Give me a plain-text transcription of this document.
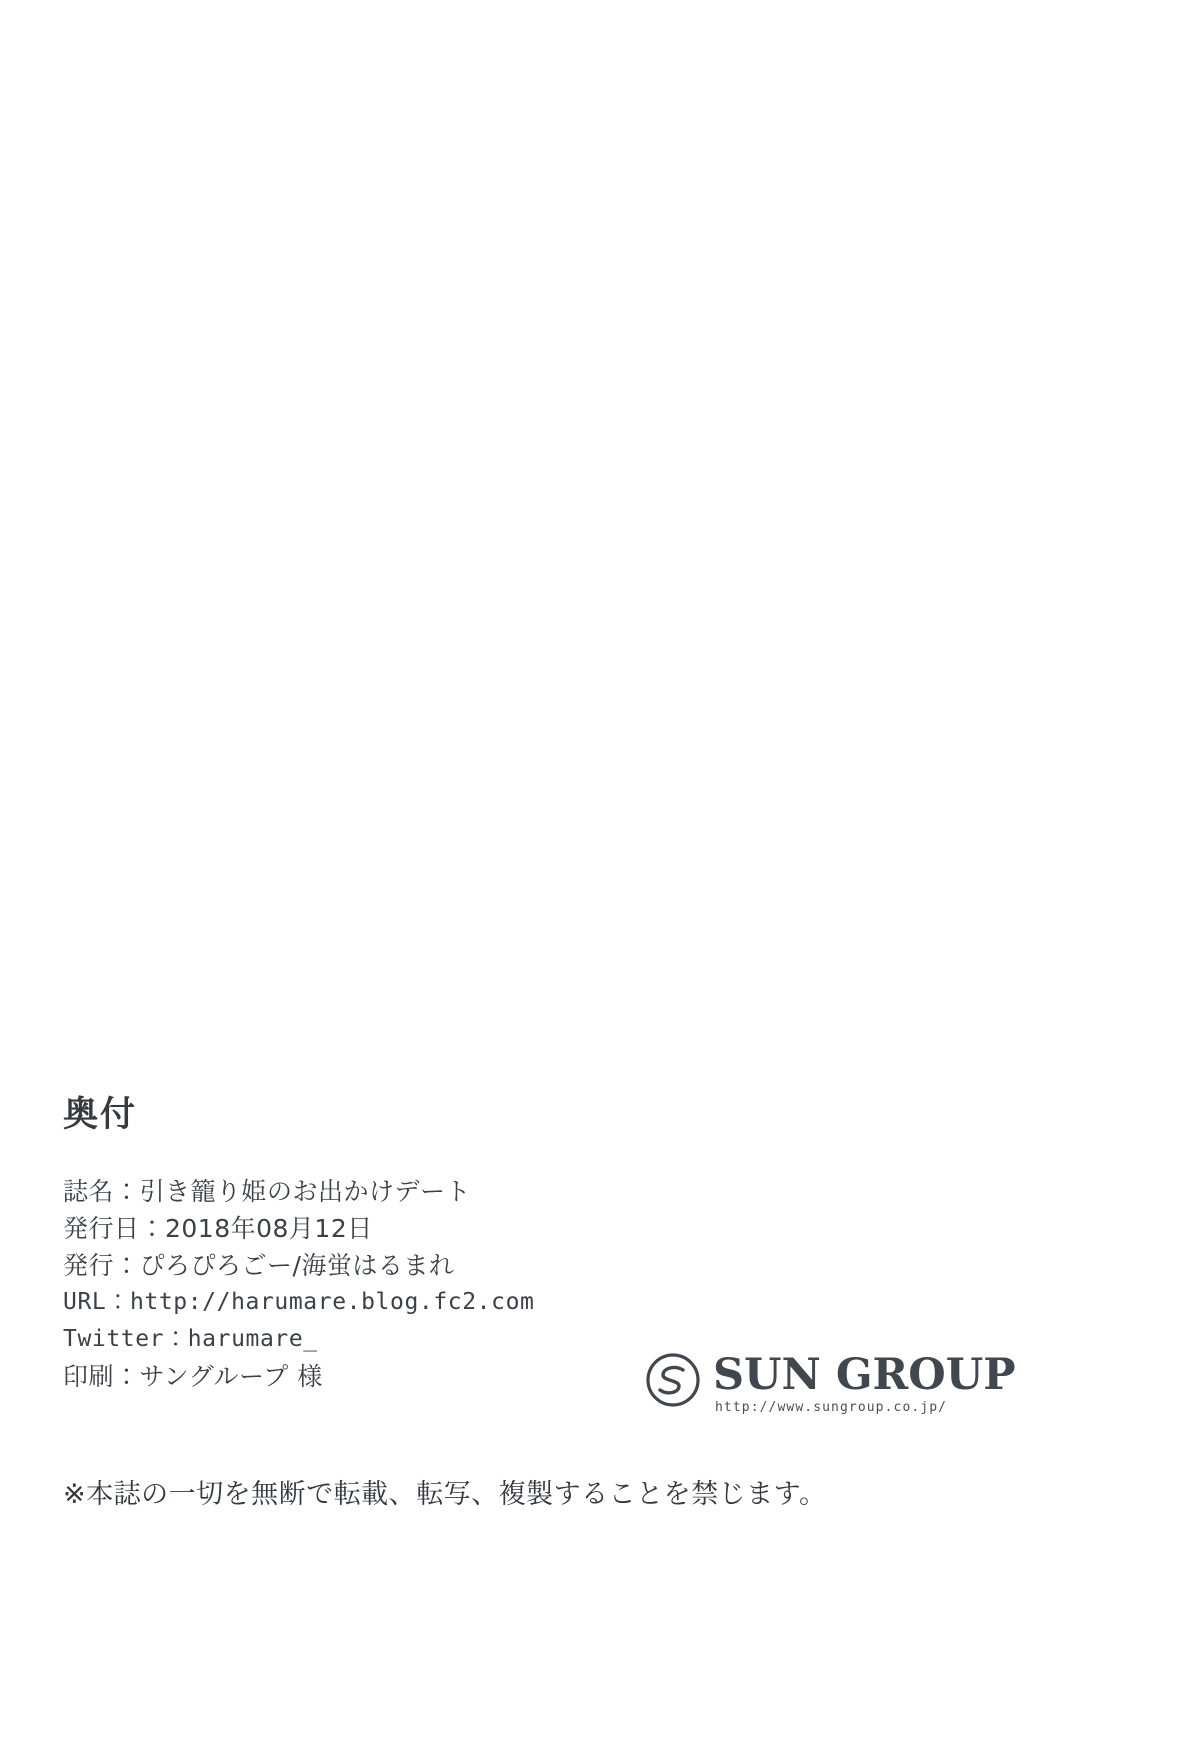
奥付
誌名：引き籠り姫のお出かけデート
発行日：2018年08月12日
発行：ぴろぴろごー/海蛍はるまれ
URL：http://harumare.blog.fc2.com
Twitter：harumare_
印刷：サングループ 様	SUN GROUP
http://www.sungroup.co.jp/
※本誌の一切を無断で転載、転写、複製することを禁じます。
